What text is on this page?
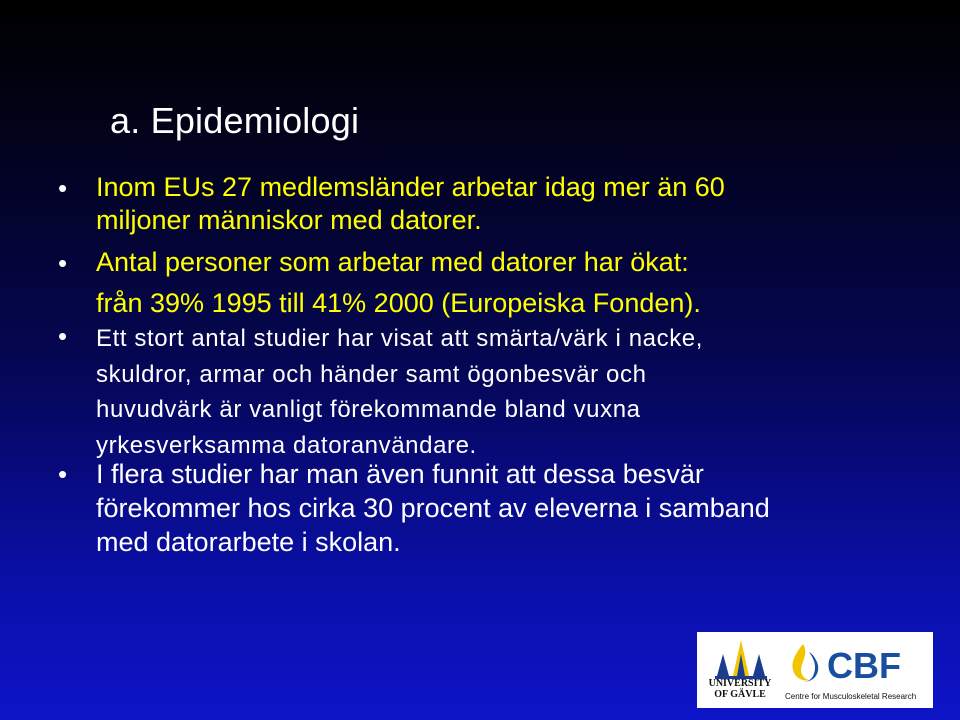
a. Epidemiologi
• Inom EUs 27 medlemsländer arbetar idag mer än 60
miljoner människor med datorer.

• Antal personer som arbetar med datorer har ökat:
från 39% 1995 till 41% 2000 (Europeiska Fonden).

• Ett stort antal studier har visat att smärta/värk i nacke,
skuldror, armar och händer samt ögonbesvär och
huvudvärk är vanligt förekommande bland vuxna
yrkesverksamma datoranvändare.

• I flera studier har man även funnit att dessa besvär
förekommer hos cirka 30 procent av eleverna i samband
med datorarbete i skolan.

UNIVERSITY
OF GÄVLE
CBF
Centre for Musculoskeletal Research
